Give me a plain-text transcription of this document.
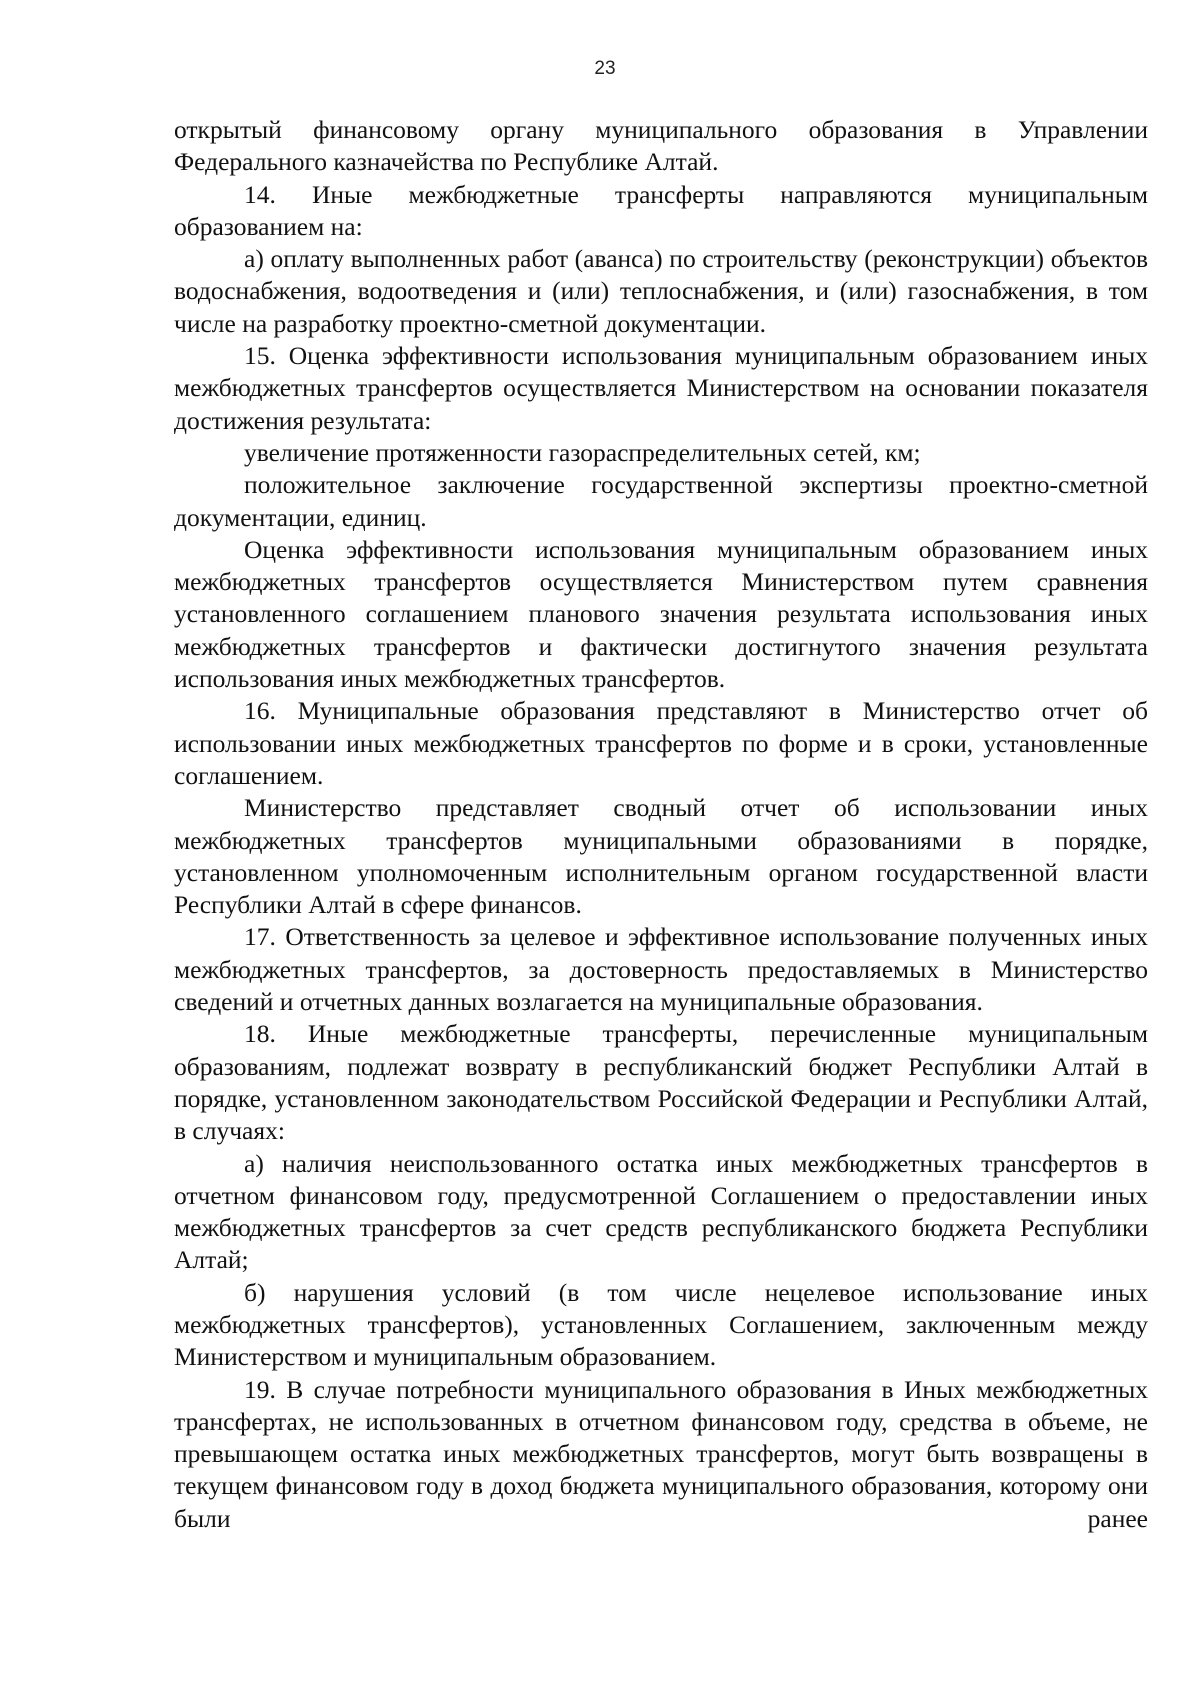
23

открытый финансовому органу муниципального образования в Управлении Федерального казначейства по Республике Алтай.

14. Иные межбюджетные трансферты направляются муниципальным образованием на:

а) оплату выполненных работ (аванса) по строительству (реконструкции) объектов водоснабжения, водоотведения и (или) теплоснабжения, и (или) газоснабжения, в том числе на разработку проектно-сметной документации.

15. Оценка эффективности использования муниципальным образованием иных межбюджетных трансфертов осуществляется Министерством на основании показателя достижения результата:

увеличение протяженности газораспределительных сетей, км;

положительное заключение государственной экспертизы проектно-сметной документации, единиц.

Оценка эффективности использования муниципальным образованием иных межбюджетных трансфертов осуществляется Министерством путем сравнения установленного соглашением планового значения результата использования иных межбюджетных трансфертов и фактически достигнутого значения результата использования иных межбюджетных трансфертов.

16. Муниципальные образования представляют в Министерство отчет об использовании иных межбюджетных трансфертов по форме и в сроки, установленные соглашением.

Министерство представляет сводный отчет об использовании иных межбюджетных трансфертов муниципальными образованиями в порядке, установленном уполномоченным исполнительным органом государственной власти Республики Алтай в сфере финансов.

17. Ответственность за целевое и эффективное использование полученных иных межбюджетных трансфертов, за достоверность предоставляемых в Министерство сведений и отчетных данных возлагается на муниципальные образования.

18. Иные межбюджетные трансферты, перечисленные муниципальным образованиям, подлежат возврату в республиканский бюджет Республики Алтай в порядке, установленном законодательством Российской Федерации и Республики Алтай, в случаях:

а) наличия неиспользованного остатка иных межбюджетных трансфертов в отчетном финансовом году, предусмотренной Соглашением о предоставлении иных межбюджетных трансфертов за счет средств республиканского бюджета Республики Алтай;

б) нарушения условий (в том числе нецелевое использование иных межбюджетных трансфертов), установленных Соглашением, заключенным между Министерством и муниципальным образованием.

19. В случае потребности муниципального образования в Иных межбюджетных трансфертах, не использованных в отчетном финансовом году, средства в объеме, не превышающем остатка иных межбюджетных трансфертов, могут быть возвращены в текущем финансовом году в доход бюджета муниципального образования, которому они были ранее
